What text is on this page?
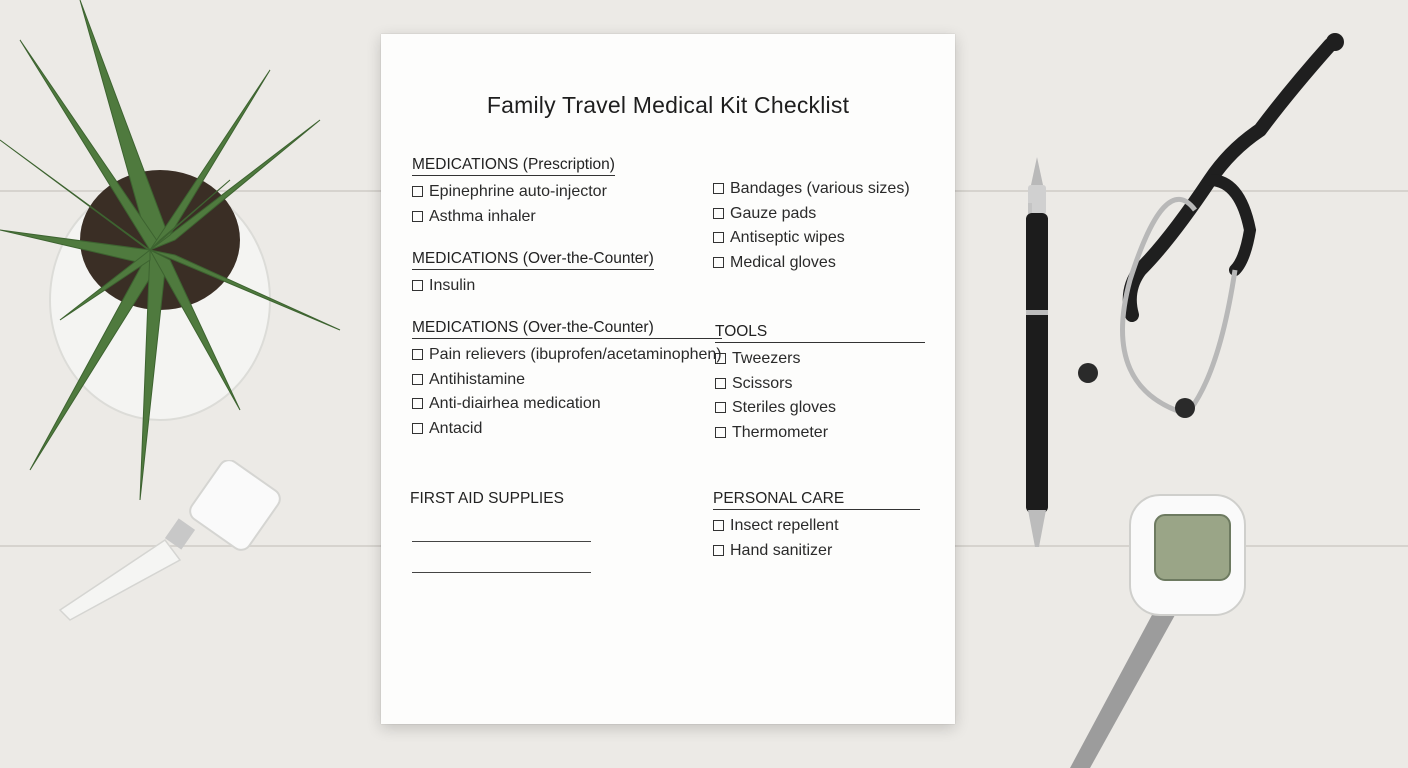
Family Travel Medical Kit Checklist
MEDICATIONS (Prescription)
Epinephrine auto-injector
Asthma inhaler
MEDICATIONS (Over-the-Counter)
Insulin
MEDICATIONS (Over-the-Counter)
Pain relievers (ibuprofen/acetaminophen)
Antihistamine
Anti-diairhea medication
Antacid
FIRST AID SUPPLIES
Bandages (various sizes)
Gauze pads
Antiseptic wipes
Medical gloves
TOOLS
Tweezers
Scissors
Steriles gloves
Thermometer
PERSONAL CARE
Insect repellent
Hand sanitizer
